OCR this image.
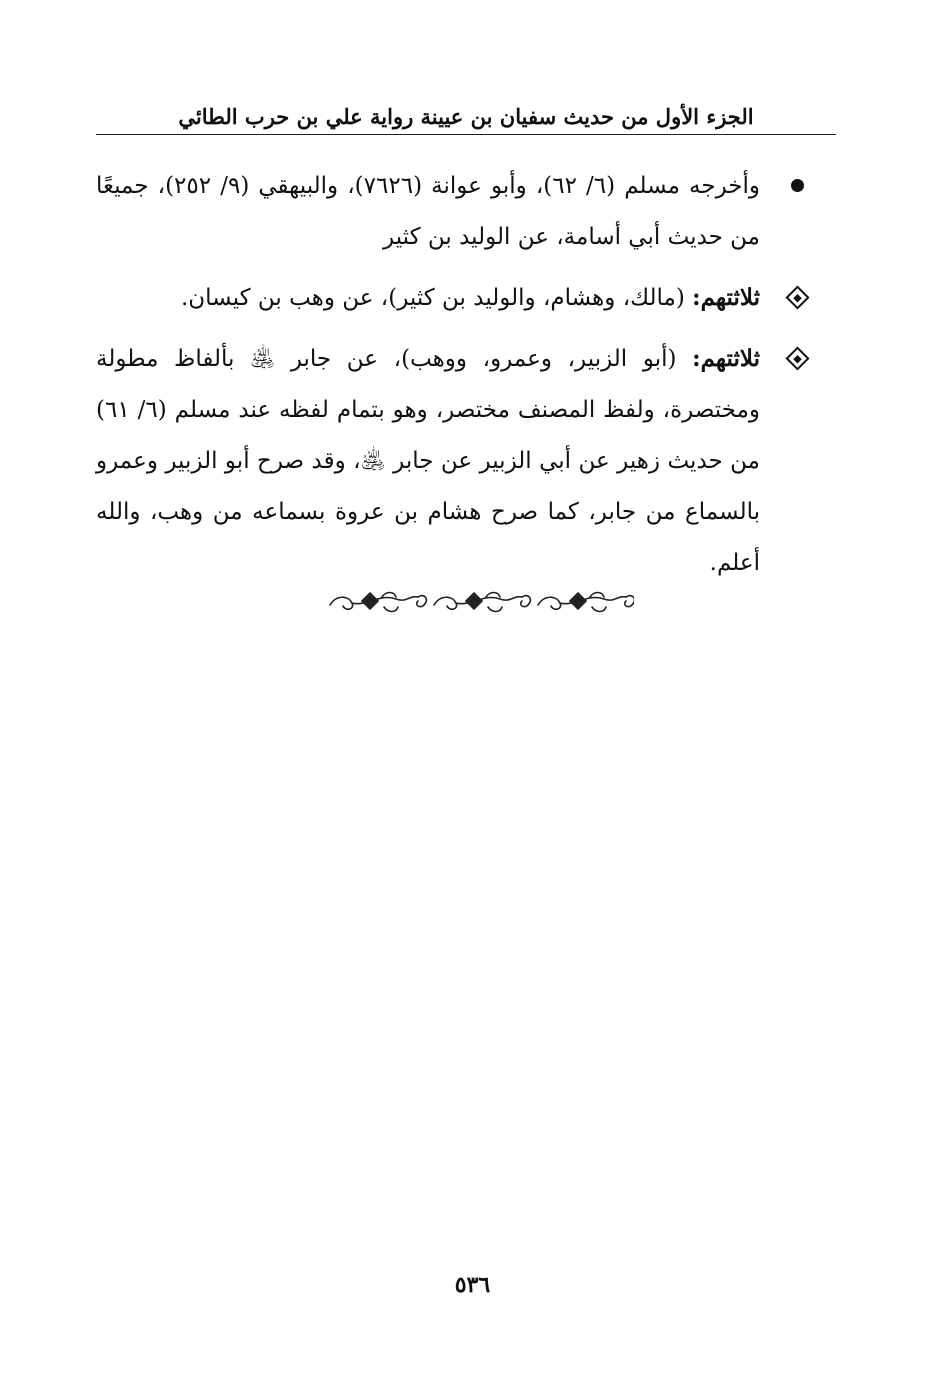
الجزء الأول من حديث سفيان بن عيينة رواية علي بن حرب الطائي
وأخرجه مسلم (٦/ ٦٢)، وأبو عوانة (٧٦٢٦)، والبيهقي (٩/ ٢٥٢)، جميعًا من حديث أبي أسامة، عن الوليد بن كثير
ثلاثتهم: (مالك، وهشام، والوليد بن كثير)، عن وهب بن كيسان.
ثلاثتهم: (أبو الزبير، وعمرو، ووهب)، عن جابر ﵁ بألفاظ مطولة ومختصرة، ولفظ المصنف مختصر، وهو بتمام لفظه عند مسلم (٦/ ٦١) من حديث زهير عن أبي الزبير عن جابر ﵁، وقد صرح أبو الزبير وعمرو بالسماع من جابر، كما صرح هشام بن عروة بسماعه من وهب، والله أعلم.
٥٣٦
